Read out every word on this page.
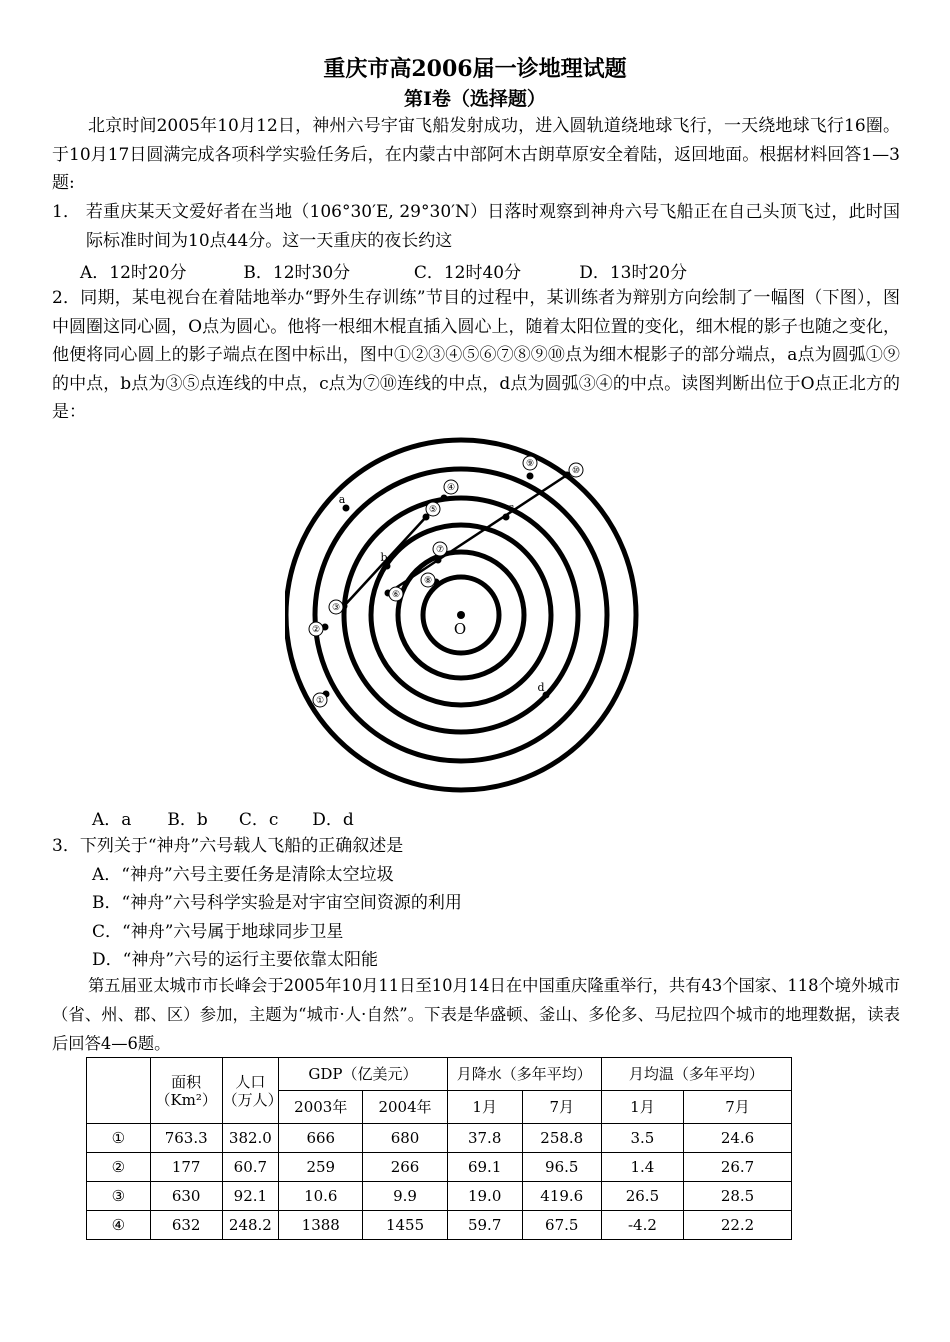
重庆市高2006届一诊地理试题
第Ⅰ卷（选择题）

北京时间2005年10月12日，神州六号宇宙飞船发射成功，进入圆轨道绕地球飞行，一天绕地球飞行16圈。于10月17日圆满完成各项科学实验任务后，在内蒙古中部阿木古朗草原安全着陆，返回地面。根据材料回答1—3题:

1． 若重庆某天文爱好者在当地（106°30′E, 29°30′N）日落时观察到神舟六号飞船正在自己头顶飞过，此时国际标准时间为10点44分。这一天重庆的夜长约这

A．12时20分	B．12时30分	C．12时40分	D．13时20分

2．同期，某电视台在着陆地举办“野外生存训练”节目的过程中，某训练者为辩别方向绘制了一幅图（下图），图中圆圈这同心圆，O点为圆心。他将一根细木棍直插入圆心上，随着太阳位置的变化，细木棍的影子也随之变化，他便将同心圆上的影子端点在图中标出，图中①②③④⑤⑥⑦⑧⑨⑩点为细木棍影子的部分端点，a点为圆弧①⑨的中点，b点为③⑤点连线的中点，c点为⑦⑩连线的中点，d点为圆弧③④的中点。读图判断出位于O点正北方的是：

①
②
③
④
⑤
⑥
⑦
⑧
⑨
⑩
a
b
c
d
O
A．a B．b C．c D．d

3．下列关于“神舟”六号载人飞船的正确叙述是

A．“神舟”六号主要任务是清除太空垃圾

B．“神舟”六号科学实验是对宇宙空间资源的利用

C．“神舟”六号属于地球同步卫星

D．“神舟”六号的运行主要依靠太阳能

第五届亚太城市市长峰会于2005年10月11日至10月14日在中国重庆隆重举行，共有43个国家、118个境外城市（省、州、郡、区）参加，主题为“城市·人·自然”。下表是华盛顿、釜山、多伦多、马尼拉四个城市的地理数据，读表后回答4—6题。

	面积（Km²）	人口（万人）	GDP（亿美元）		月降水（多年平均）		月均温（多年平均）	
			2003年	2004年	1月	7月	1月	7月
①	763.3	382.0	666	680	37.8	258.8	3.5	24.6
②	177	60.7	259	266	69.1	96.5	1.4	26.7
③	630	92.1	10.6	9.9	19.0	419.6	26.5	28.5
④	632	248.2	1388	1455	59.7	67.5	-4.2	22.2
